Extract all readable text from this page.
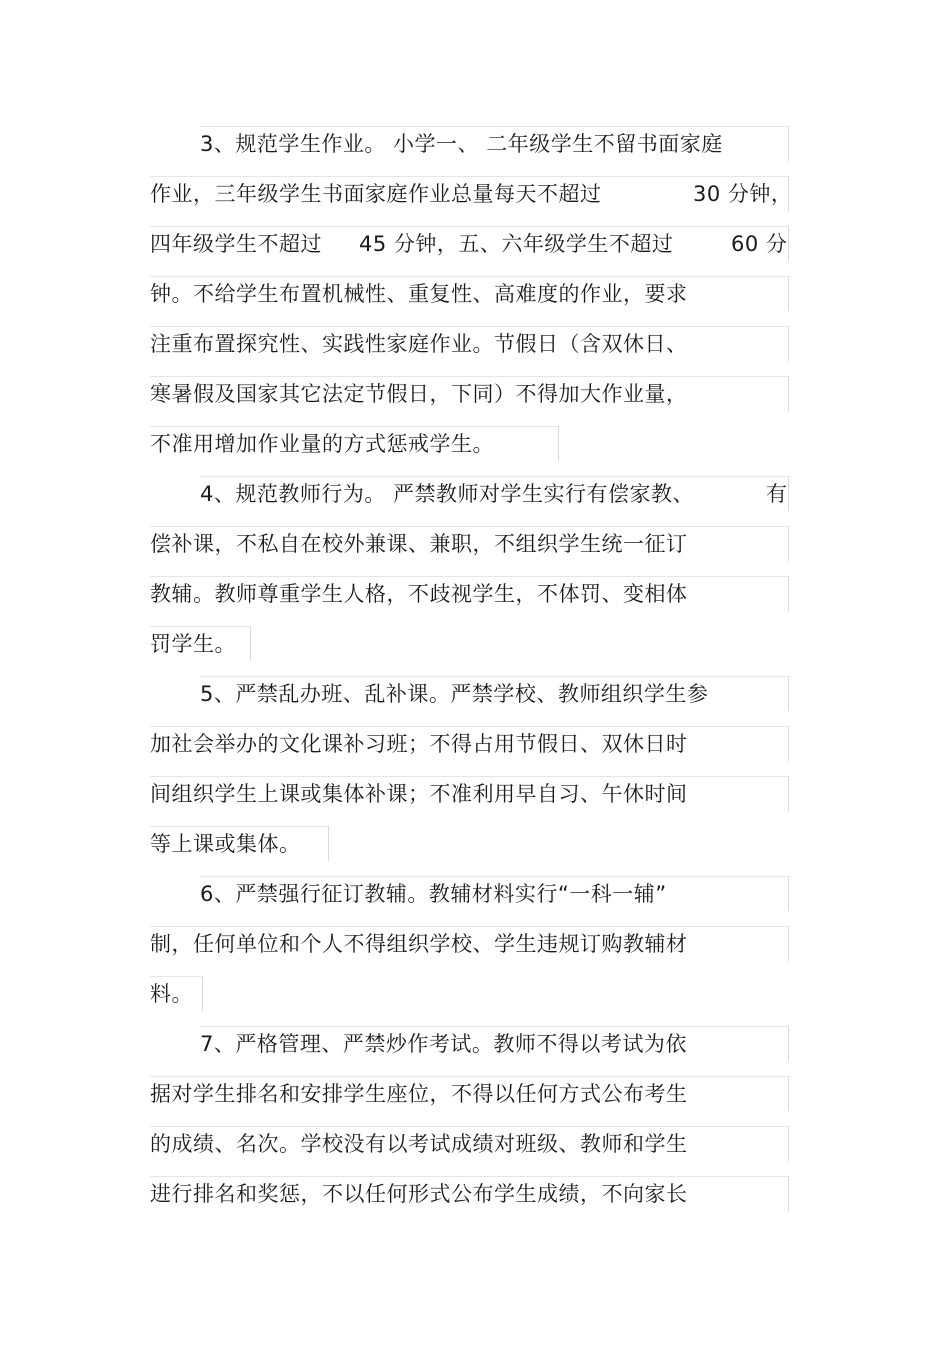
3、规范学生作业。 小学一、 二年级学生不留书面家庭
作业，三年级学生书面家庭作业总量每天不超过	30 分钟，
四年级学生不超过 45 分钟，五、六年级学生不超过	60 分
钟。不给学生布置机械性、重复性、高难度的作业，要求
注重布置探究性、实践性家庭作业。节假日（含双休日、
寒暑假及国家其它法定节假日，下同）不得加大作业量，
不准用增加作业量的方式惩戒学生。
4、规范教师行为。 严禁教师对学生实行有偿家教、	有
偿补课，不私自在校外兼课、兼职，不组织学生统一征订
教辅。教师尊重学生人格，不歧视学生，不体罚、变相体
罚学生。
5、严禁乱办班、乱补课。严禁学校、教师组织学生参
加社会举办的文化课补习班；不得占用节假日、双休日时
间组织学生上课或集体补课；不准利用早自习、午休时间
等上课或集体。
6、严禁强行征订教辅。教辅材料实行“一科一辅”
制，任何单位和个人不得组织学校、学生违规订购教辅材
料。
7、严格管理、严禁炒作考试。教师不得以考试为依
据对学生排名和安排学生座位，不得以任何方式公布考生
的成绩、名次。学校没有以考试成绩对班级、教师和学生
进行排名和奖惩，不以任何形式公布学生成绩，不向家长
